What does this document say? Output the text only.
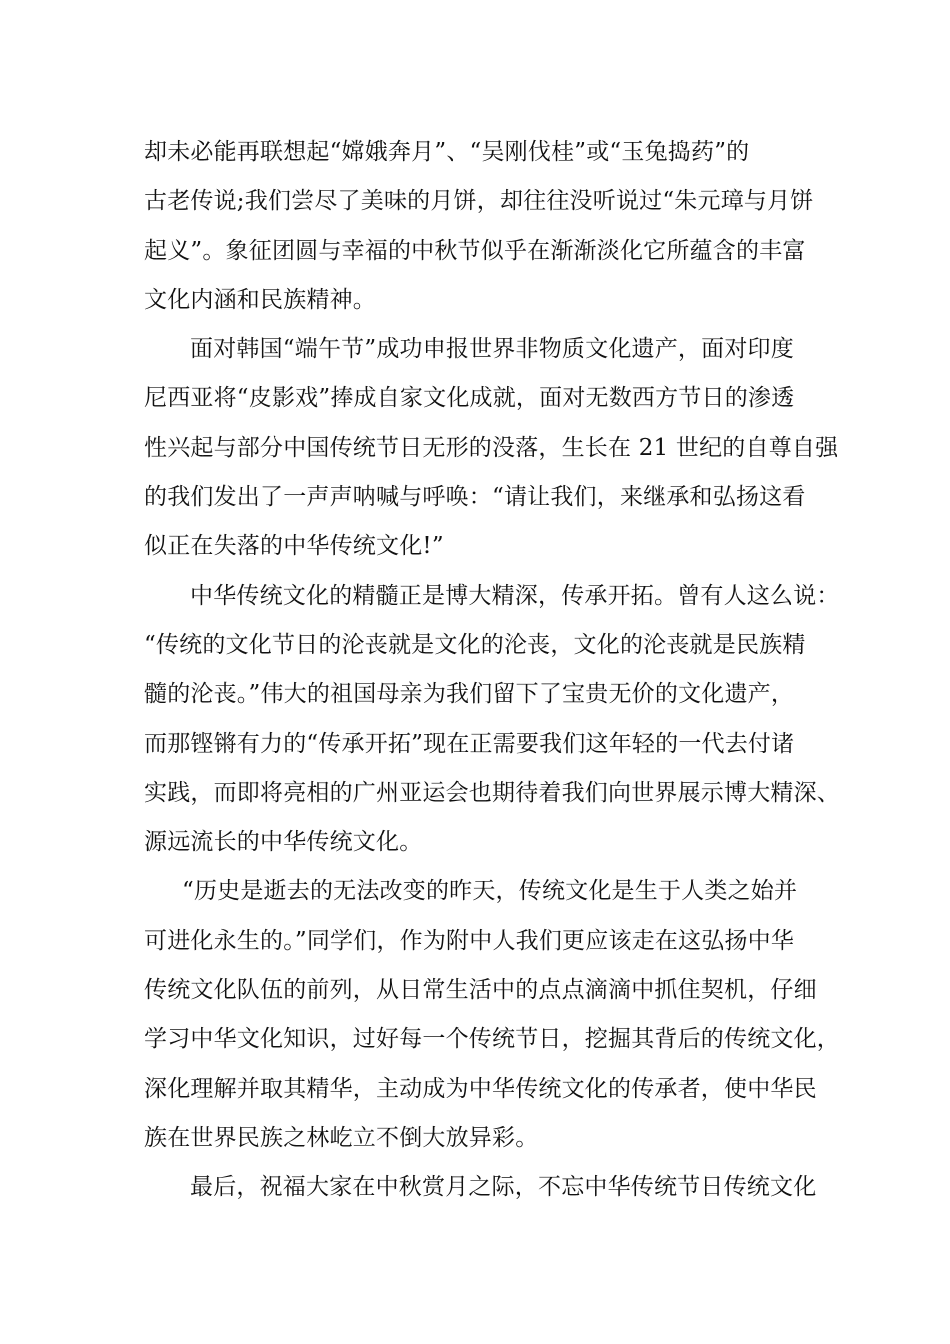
却未必能再联想起“嫦娥奔月”、“吴刚伐桂”或“玉兔捣药”的
古老传说;我们尝尽了美味的月饼，却往往没听说过“朱元璋与月饼
起义”。象征团圆与幸福的中秋节似乎在渐渐淡化它所蕴含的丰富
文化内涵和民族精神。

面对韩国“端午节”成功申报世界非物质文化遗产，面对印度
尼西亚将“皮影戏”捧成自家文化成就，面对无数西方节日的渗透
性兴起与部分中国传统节日无形的没落，生长在 21 世纪的自尊自强
的我们发出了一声声呐喊与呼唤：“请让我们，来继承和弘扬这看
似正在失落的中华传统文化!”

中华传统文化的精髓正是博大精深，传承开拓。曾有人这么说：
“传统的文化节日的沦丧就是文化的沦丧，文化的沦丧就是民族精
髓的沦丧。”伟大的祖国母亲为我们留下了宝贵无价的文化遗产，
而那铿锵有力的“传承开拓”现在正需要我们这年轻的一代去付诸
实践，而即将亮相的广州亚运会也期待着我们向世界展示博大精深、
源远流长的中华传统文化。

“历史是逝去的无法改变的昨天，传统文化是生于人类之始并
可进化永生的。”同学们，作为附中人我们更应该走在这弘扬中华
传统文化队伍的前列，从日常生活中的点点滴滴中抓住契机，仔细
学习中华文化知识，过好每一个传统节日，挖掘其背后的传统文化，
深化理解并取其精华，主动成为中华传统文化的传承者，使中华民
族在世界民族之林屹立不倒大放异彩。

最后，祝福大家在中秋赏月之际，不忘中华传统节日传统文化
